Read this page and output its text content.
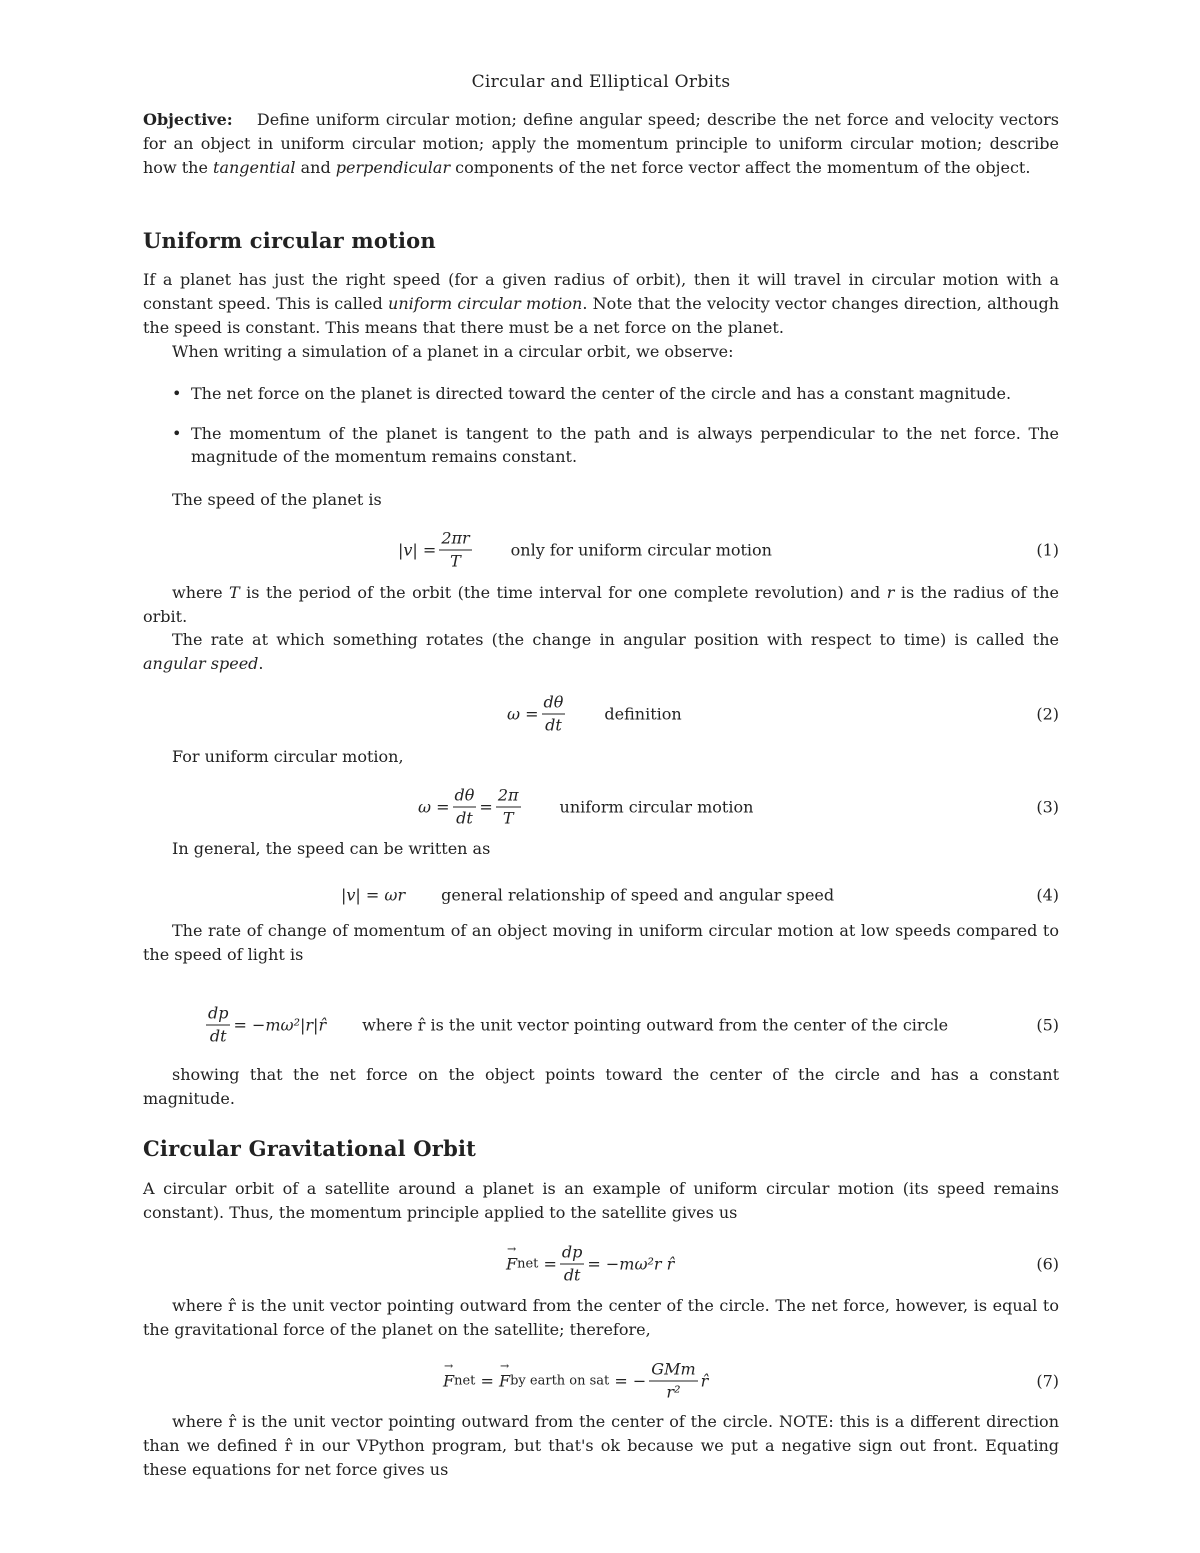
Circular and Elliptical Orbits

Objective: Define uniform circular motion; define angular speed; describe the net force and velocity vectors for an object in uniform circular motion; apply the momentum principle to uniform circular motion; describe how the tangential and perpendicular components of the net force vector affect the momentum of the object.

Uniform circular motion

If a planet has just the right speed (for a given radius of orbit), then it will travel in circular motion with a constant speed. This is called uniform circular motion. Note that the velocity vector changes direction, although the speed is constant. This means that there must be a net force on the planet.

When writing a simulation of a planet in a circular orbit, we observe:

• The net force on the planet is directed toward the center of the circle and has a constant magnitude.
• The momentum of the planet is tangent to the path and is always perpendicular to the net force. The magnitude of the momentum remains constant.

The speed of the planet is

$|v| = \frac{2\pi r}{T}$ only for uniform circular motion	(1)

where T is the period of the orbit (the time interval for one complete revolution) and r is the radius of the orbit.

The rate at which something rotates (the change in angular position with respect to time) is called the angular speed.

$\omega = \frac{d\theta}{dt}$ definition	(2)

For uniform circular motion,

$\omega = \frac{d\theta}{dt} = \frac{2\pi}{T}$ uniform circular motion	(3)

In general, the speed can be written as

|v| = ωr general relationship of speed and angular speed	(4)

The rate of change of momentum of an object moving in uniform circular motion at low speeds compared to the speed of light is

$\frac{dp}{dt}$ = −mω²|r|r̂ where r̂ is the unit vector pointing outward from the center of the circle	(5)

showing that the net force on the object points toward the center of the circle and has a constant magnitude.

Circular Gravitational Orbit

A circular orbit of a satellite around a planet is an example of uniform circular motion (its speed remains constant). Thus, the momentum principle applied to the satellite gives us

→ F net
= $\frac{dp}{dt} = -m\omega^2r$ r̂	(6)

where r̂ is the unit vector pointing outward from the center of the circle. The net force, however, is equal to the gravitational force of the planet on the satellite; therefore,

→ F net
=

→ F by earth on sat
= − $\frac{\text{GMm}}{\text{r²}}$ r̂	(7)

where r̂ is the unit vector pointing outward from the center of the circle. NOTE: this is a different direction than we defined r̂ in our VPython program, but that's ok because we put a negative sign out front. Equating these equations for net force gives us
